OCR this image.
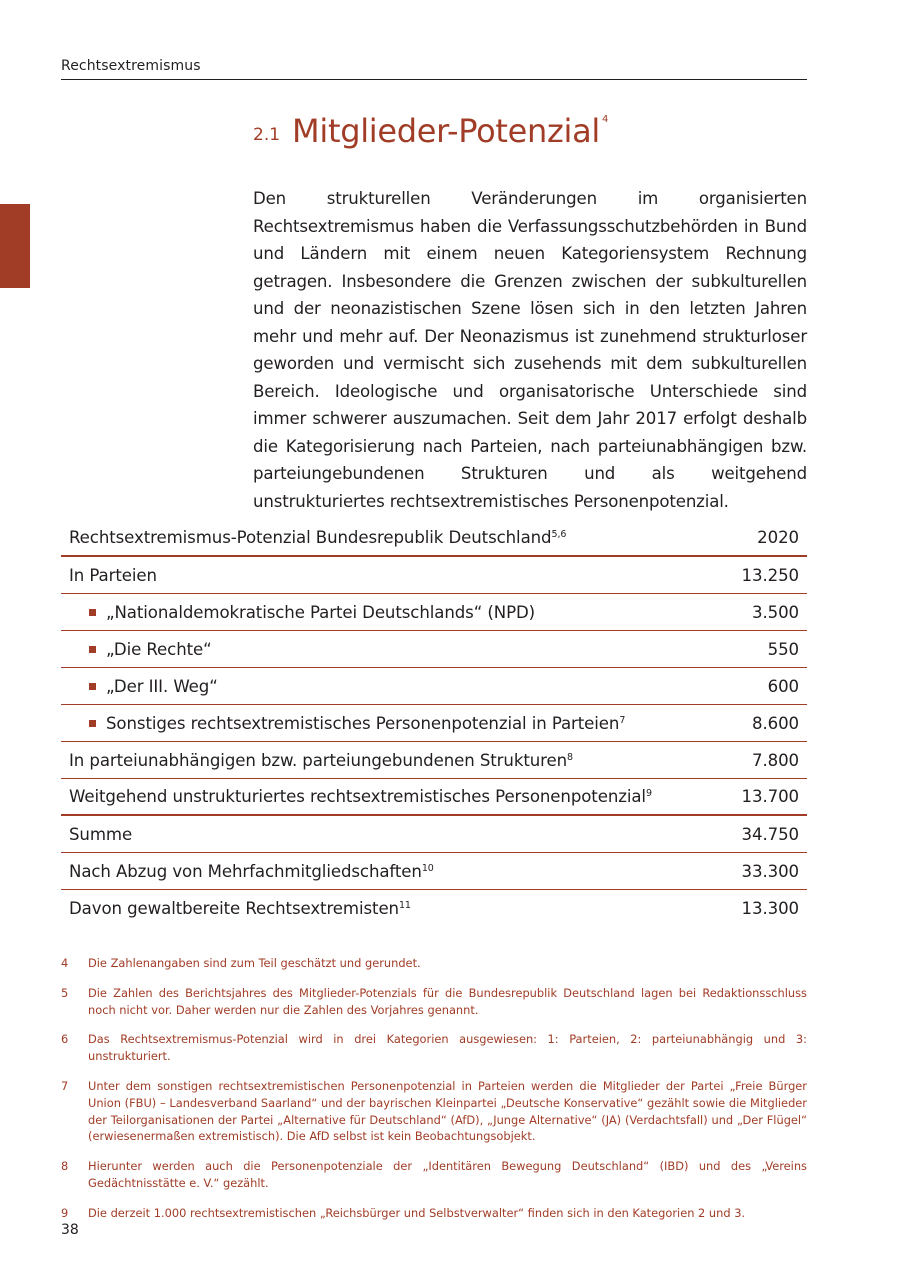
Rechtsextremismus
2.1 Mitglieder-Potenzial $^4$
Den strukturellen Veränderungen im organisierten Rechtsextremismus haben die Verfassungsschutzbehörden in Bund und Ländern mit einem neuen Kategoriensystem Rechnung getragen. Insbesondere die Grenzen zwischen der subkulturellen und der neonazistischen Szene lösen sich in den letzten Jahren mehr und mehr auf. Der Neonazismus ist zunehmend strukturloser geworden und vermischt sich zusehends mit dem subkulturellen Bereich. Ideologische und organisatorische Unterschiede sind immer schwerer auszumachen. Seit dem Jahr 2017 erfolgt deshalb die Kategorisierung nach Parteien, nach parteiunabhängigen bzw. parteiungebundenen Strukturen und als weitgehend unstrukturiertes rechtsextremistisches Personenpotenzial.
Rechtsextremismus-Potenzial Bundesrepublik Deutschland$^{5,6}$	2020
In Parteien	13.250
„Nationaldemokratische Partei Deutschlands“ (NPD)	3.500
„Die Rechte“	550
„Der III. Weg“	600
Sonstiges rechtsextremistisches Personenpotenzial in Parteien$^7$	8.600
In parteiunabhängigen bzw. parteiungebundenen Strukturen$^8$	7.800
Weitgehend unstrukturiertes rechtsextremistisches Personenpotenzial$^9$	13.700
Summe	34.750
Nach Abzug von Mehrfachmitgliedschaften$^{10}$	33.300
Davon gewaltbereite Rechtsextremisten$^{11}$	13.300
4	Die Zahlenangaben sind zum Teil geschätzt und gerundet.
5	Die Zahlen des Berichtsjahres des Mitglieder-Potenzials für die Bundesrepublik Deutschland lagen bei Redaktionsschluss noch nicht vor. Daher werden nur die Zahlen des Vorjahres genannt.
6	Das Rechtsextremismus-Potenzial wird in drei Kategorien ausgewiesen: 1: Parteien, 2: parteiunabhängig und 3: unstrukturiert.
7	Unter dem sonstigen rechtsextremistischen Personenpotenzial in Parteien werden die Mitglieder der Partei „Freie Bürger Union (FBU) – Landesverband Saarland“ und der bayrischen Kleinpartei „Deutsche Konservative“ gezählt sowie die Mitglieder der Teilorganisationen der Partei „Alternative für Deutschland“ (AfD), „Junge Alternative“ (JA) (Verdachtsfall) und „Der Flügel“ (erwiesenermaßen extremistisch). Die AfD selbst ist kein Beobachtungsobjekt.
8	Hierunter werden auch die Personenpotenziale der „Identitären Bewegung Deutschland“ (IBD) und des „Vereins Gedächtnisstätte e. V.“ gezählt.
9	Die derzeit 1.000 rechtsextremistischen „Reichsbürger und Selbstverwalter“ finden sich in den Kategorien 2 und 3.
38
